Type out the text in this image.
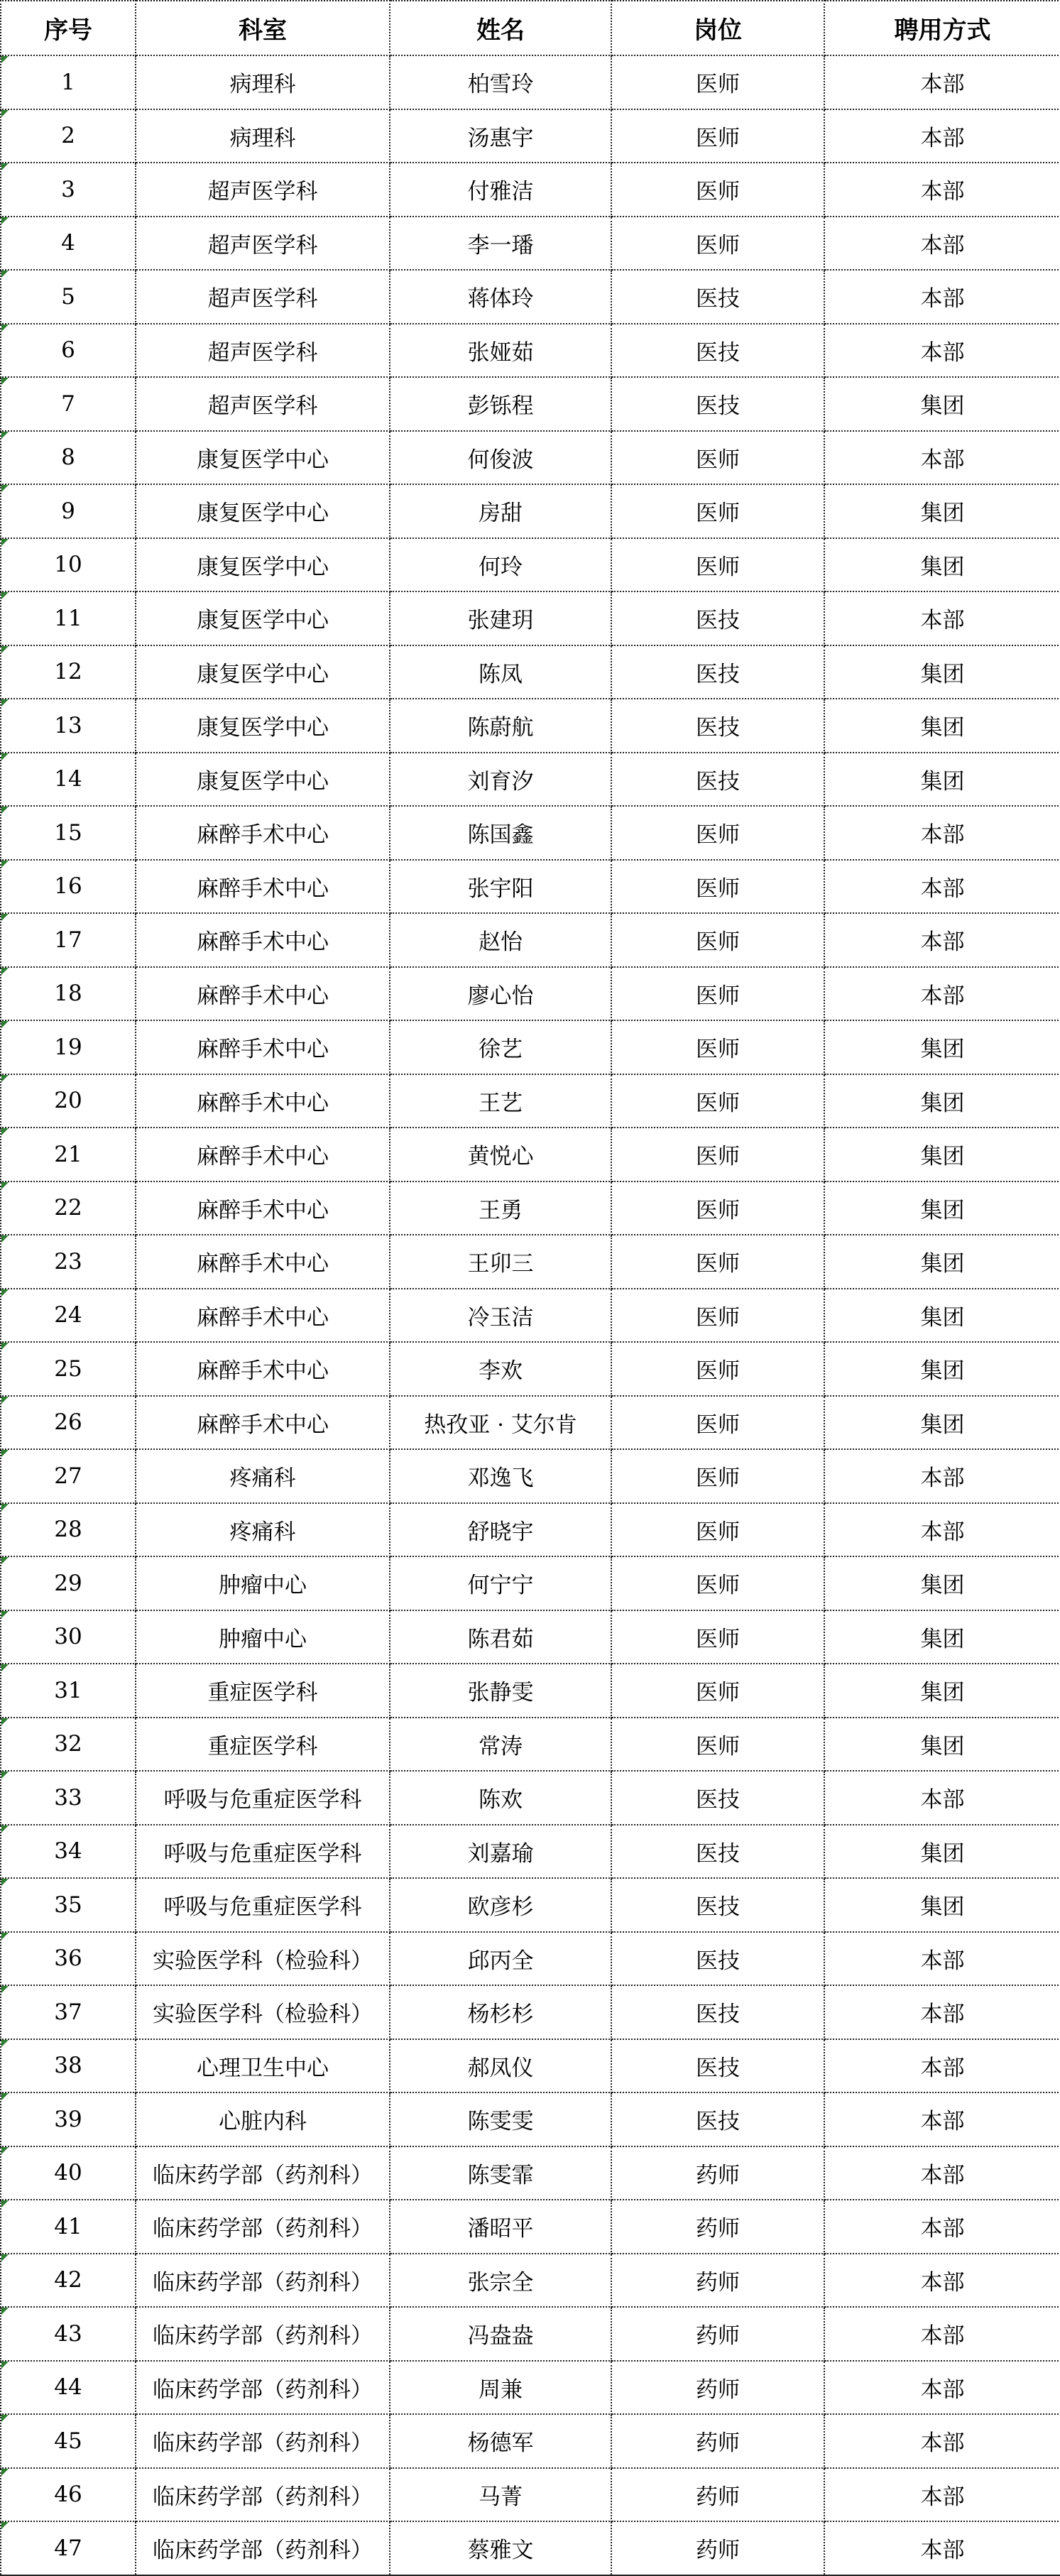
序号	科室	姓名	岗位	聘用方式
1	病理科	柏雪玲	医师	本部
2	病理科	汤惠宇	医师	本部
3	超声医学科	付雅洁	医师	本部
4	超声医学科	李一璠	医师	本部
5	超声医学科	蒋体玲	医技	本部
6	超声医学科	张娅茹	医技	本部
7	超声医学科	彭铄程	医技	集团
8	康复医学中心	何俊波	医师	本部
9	康复医学中心	房甜	医师	集团
10	康复医学中心	何玲	医师	集团
11	康复医学中心	张建玥	医技	本部
12	康复医学中心	陈凤	医技	集团
13	康复医学中心	陈蔚航	医技	集团
14	康复医学中心	刘育汐	医技	集团
15	麻醉手术中心	陈国鑫	医师	本部
16	麻醉手术中心	张宇阳	医师	本部
17	麻醉手术中心	赵怡	医师	本部
18	麻醉手术中心	廖心怡	医师	本部
19	麻醉手术中心	徐艺	医师	集团
20	麻醉手术中心	王艺	医师	集团
21	麻醉手术中心	黄悦心	医师	集团
22	麻醉手术中心	王勇	医师	集团
23	麻醉手术中心	王卯三	医师	集团
24	麻醉手术中心	冷玉洁	医师	集团
25	麻醉手术中心	李欢	医师	集团
26	麻醉手术中心	热孜亚 · 艾尔肯	医师	集团
27	疼痛科	邓逸飞	医师	本部
28	疼痛科	舒晓宇	医师	本部
29	肿瘤中心	何宁宁	医师	集团
30	肿瘤中心	陈君茹	医师	集团
31	重症医学科	张静雯	医师	集团
32	重症医学科	常涛	医师	集团
33	呼吸与危重症医学科	陈欢	医技	本部
34	呼吸与危重症医学科	刘嘉瑜	医技	集团
35	呼吸与危重症医学科	欧彦杉	医技	集团
36	实验医学科（检验科）	邱丙全	医技	本部
37	实验医学科（检验科）	杨杉杉	医技	本部
38	心理卫生中心	郝凤仪	医技	本部
39	心脏内科	陈雯雯	医技	本部
40	临床药学部（药剂科）	陈雯霏	药师	本部
41	临床药学部（药剂科）	潘昭平	药师	本部
42	临床药学部（药剂科）	张宗全	药师	本部
43	临床药学部（药剂科）	冯盎盎	药师	本部
44	临床药学部（药剂科）	周兼	药师	本部
45	临床药学部（药剂科）	杨德军	药师	本部
46	临床药学部（药剂科）	马菁	药师	本部
47	临床药学部（药剂科）	蔡雅文	药师	本部
